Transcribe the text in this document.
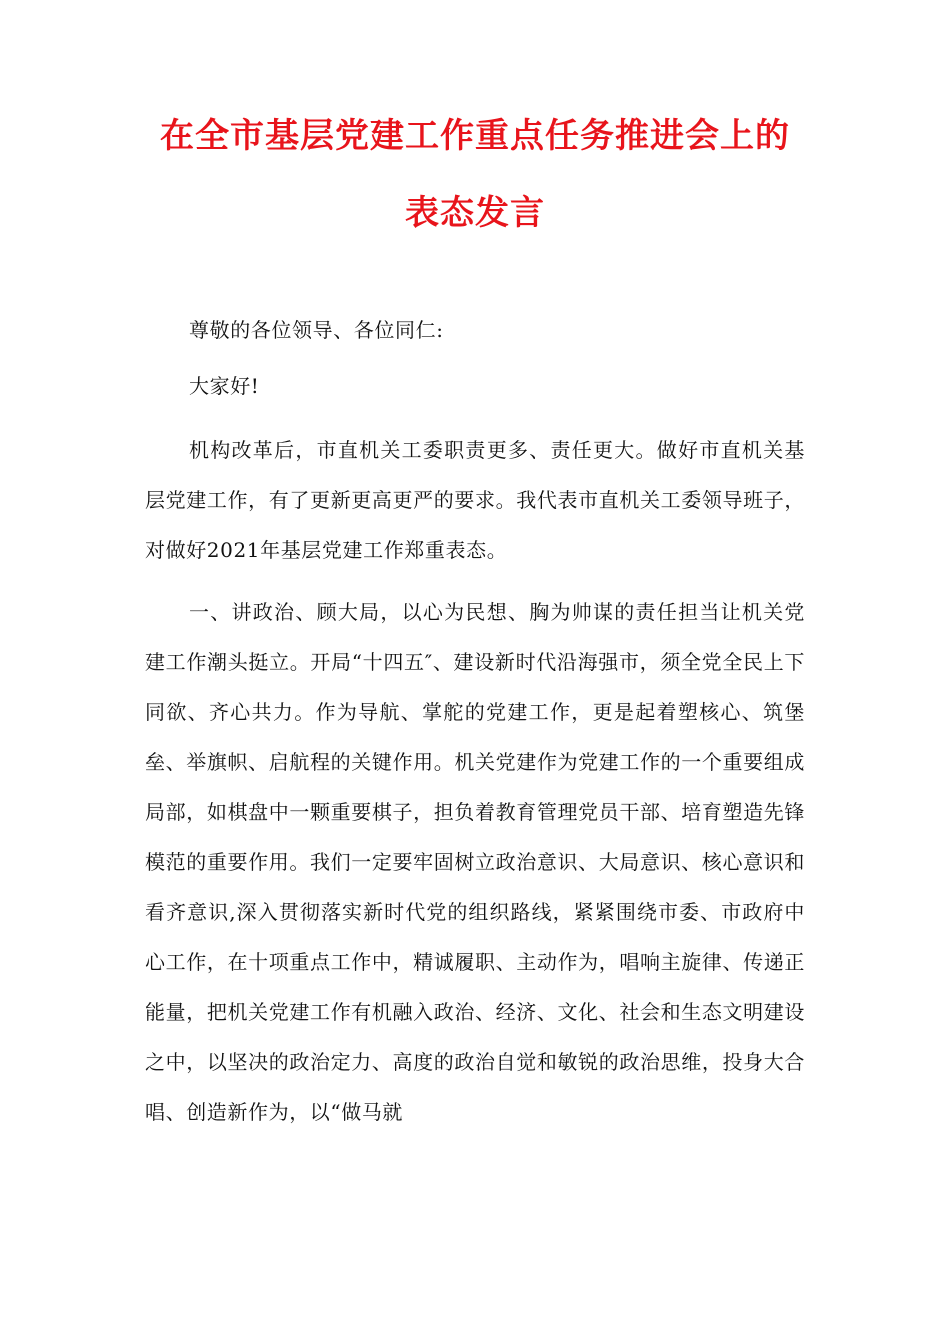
在全市基层党建工作重点任务推进会上的
表态发言

尊敬的各位领导、各位同仁:

大家好!

机构改革后，市直机关工委职责更多、责任更大。做好市直机关基层党建工作，有了更新更高更严的要求。我代表市直机关工委领导班子，对做好2021年基层党建工作郑重表态。

一、讲政治、顾大局，以心为民想、胸为帅谋的责任担当让机关党建工作潮头挺立。开局“十四五″、建设新时代沿海强市，须全党全民上下同欲、齐心共力。作为导航、掌舵的党建工作，更是起着塑核心、筑堡垒、举旗帜、启航程的关键作用。机关党建作为党建工作的一个重要组成局部，如棋盘中一颗重要棋子，担负着教育管理党员干部、培育塑造先锋模范的重要作用。我们一定要牢固树立政治意识、大局意识、核心意识和看齐意识,深入贯彻落实新时代党的组织路线，紧紧围绕市委、市政府中心工作，在十项重点工作中，精诚履职、主动作为，唱响主旋律、传递正能量，把机关党建工作有机融入政治、经济、文化、社会和生态文明建设之中，以坚决的政治定力、高度的政治自觉和敏锐的政治思维，投身大合唱、创造新作为，以“做马就
